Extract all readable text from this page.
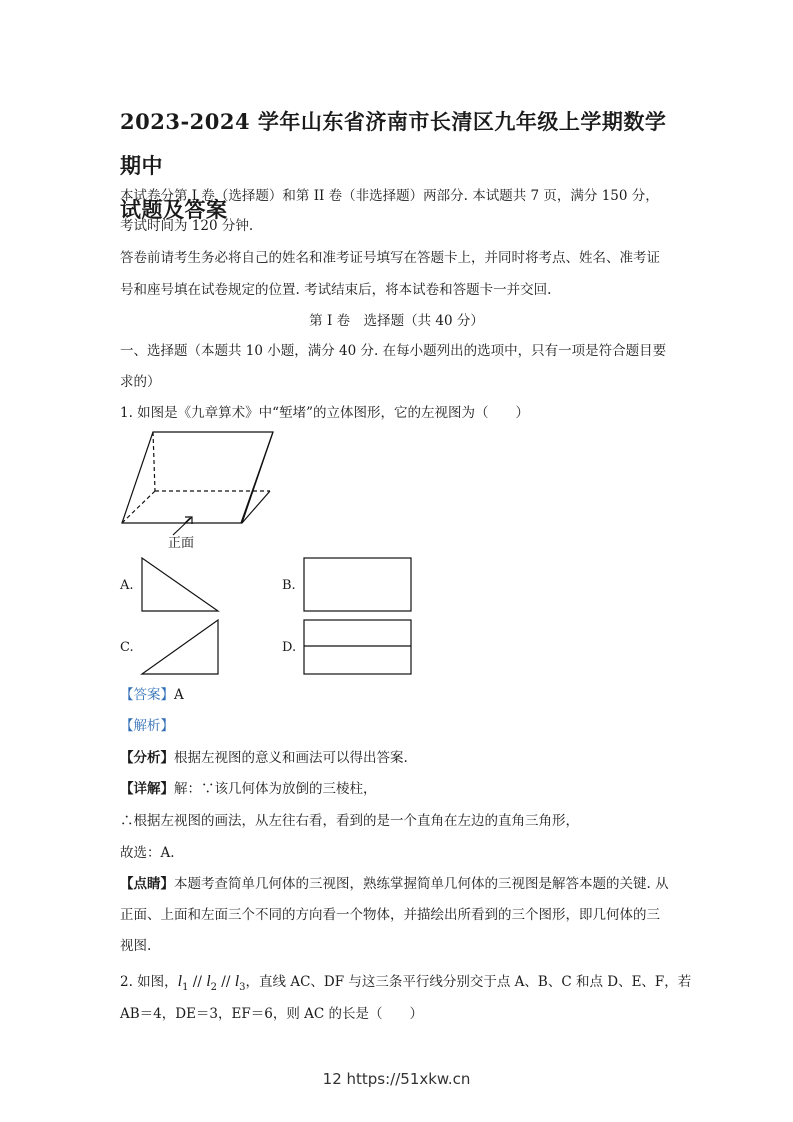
2023-2024 学年山东省济南市长清区九年级上学期数学期中
试题及答案
本试卷分第 I 卷（选择题）和第 II 卷（非选择题）两部分. 本试题共 7 页，满分 150 分，
考试时间为 120 分钟.
答卷前请考生务必将自己的姓名和准考证号填写在答题卡上，并同时将考点、姓名、准考证
号和座号填在试卷规定的位置. 考试结束后，将本试卷和答题卡一并交回.
第 I 卷　选择题（共 40 分）
一、选择题（本题共 10 小题，满分 40 分. 在每小题列出的选项中，只有一项是符合题目要
求的）
1. 如图是《九章算术》中“堑堵”的立体图形，它的左视图为（　　）
正面
A.	B.
C.	D.
【答案】A
【解析】
【分析】根据左视图的意义和画法可以得出答案.
【详解】解：∵该几何体为放倒的三棱柱，
∴根据左视图的画法，从左往右看，看到的是一个直角在左边的直角三角形，
故选：A.
【点睛】本题考查简单几何体的三视图，熟练掌握简单几何体的三视图是解答本题的关键. 从
正面、上面和左面三个不同的方向看一个物体，并描绘出所看到的三个图形，即几何体的三
视图.
2. 如图，$l_1 // l_2 // l_3$，直线 AC、DF 与这三条平行线分别交于点 A、B、C 和点 D、E、F，若
AB＝4，DE＝3，EF＝6，则 AC 的长是（　　）
12 https://51xkw.cn
